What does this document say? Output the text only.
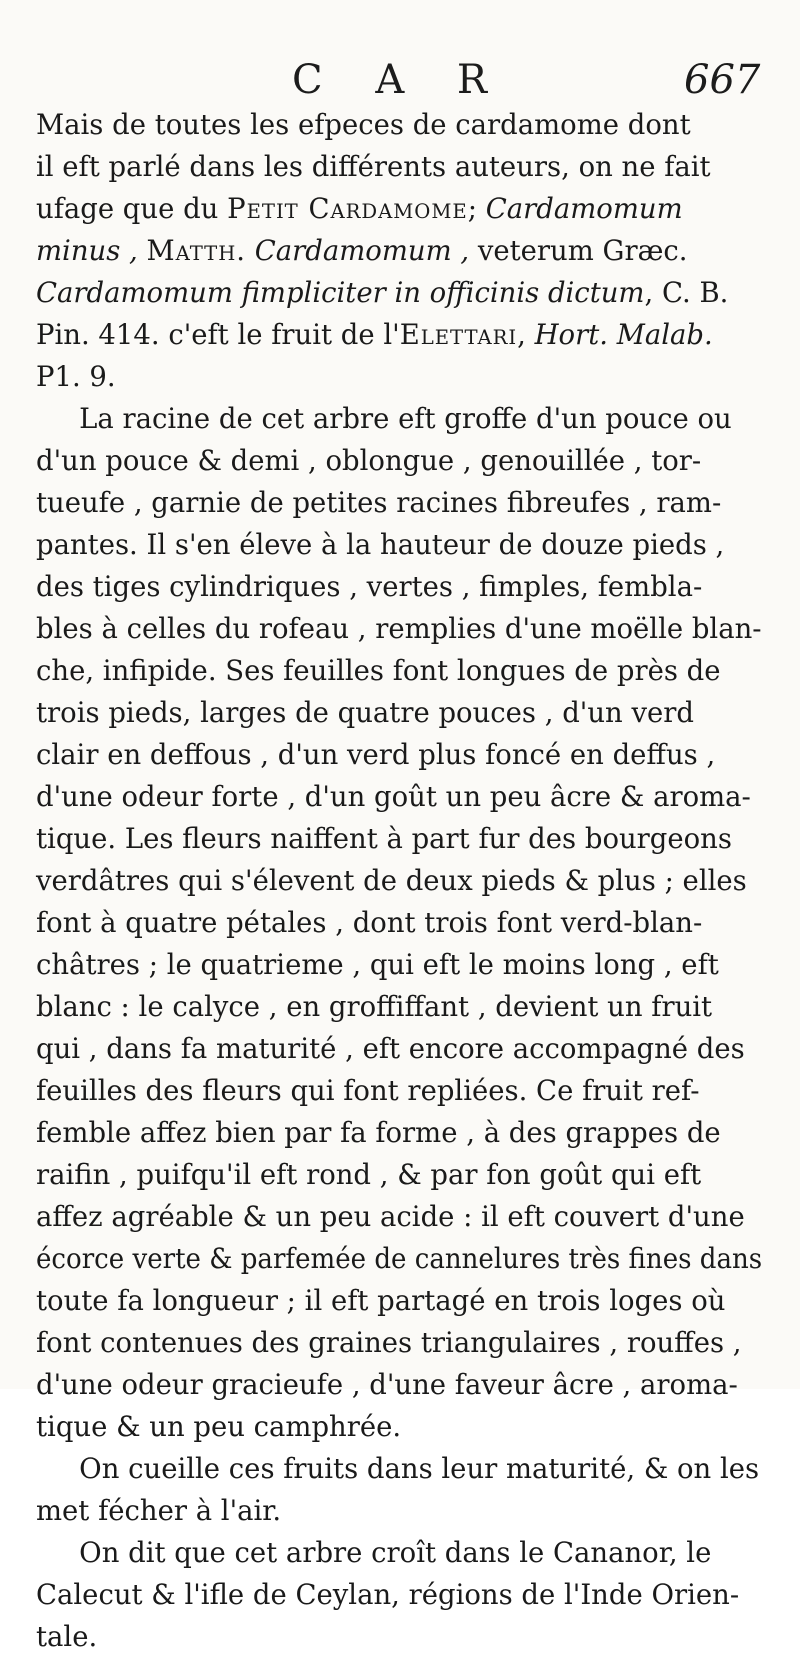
C A R	667
Mais de toutes les efpeces de cardamome dont
il eft parlé dans les différents auteurs, on ne fait
ufage que du Petit Cardamome; Cardamomum
minus , Matth. Cardamomum , veterum Græc.
Cardamomum fimpliciter in officinis dictum, C. B.
Pin. 414. c'eft le fruit de l'Elettari, Hort. Malab.
P1. 9.
La racine de cet arbre eft groffe d'un pouce ou
d'un pouce & demi , oblongue , genouillée , tor-
tueufe , garnie de petites racines fibreufes , ram-
pantes. Il s'en éleve à la hauteur de douze pieds ,
des tiges cylindriques , vertes , fimples, fembla-
bles à celles du rofeau , remplies d'une moëlle blan-
che, infipide. Ses feuilles font longues de près de
trois pieds, larges de quatre pouces , d'un verd
clair en deffous , d'un verd plus foncé en deffus ,
d'une odeur forte , d'un goût un peu âcre & aroma-
tique. Les fleurs naiffent à part fur des bourgeons
verdâtres qui s'élevent de deux pieds & plus ; elles
font à quatre pétales , dont trois font verd-blan-
châtres ; le quatrieme , qui eft le moins long , eft
blanc : le calyce , en groffiffant , devient un fruit
qui , dans fa maturité , eft encore accompagné des
feuilles des fleurs qui font repliées. Ce fruit ref-
femble affez bien par fa forme , à des grappes de
raifin , puifqu'il eft rond , & par fon goût qui eft
affez agréable & un peu acide : il eft couvert d'une
écorce verte & parfemée de cannelures très fines dans
toute fa longueur ; il eft partagé en trois loges où
font contenues des graines triangulaires , rouffes ,
d'une odeur gracieufe , d'une faveur âcre , aroma-
tique & un peu camphrée.
On cueille ces fruits dans leur maturité, & on les
met fécher à l'air.
On dit que cet arbre croît dans le Cananor, le
Calecut & l'ifle de Ceylan, régions de l'Inde Orien-
tale.
